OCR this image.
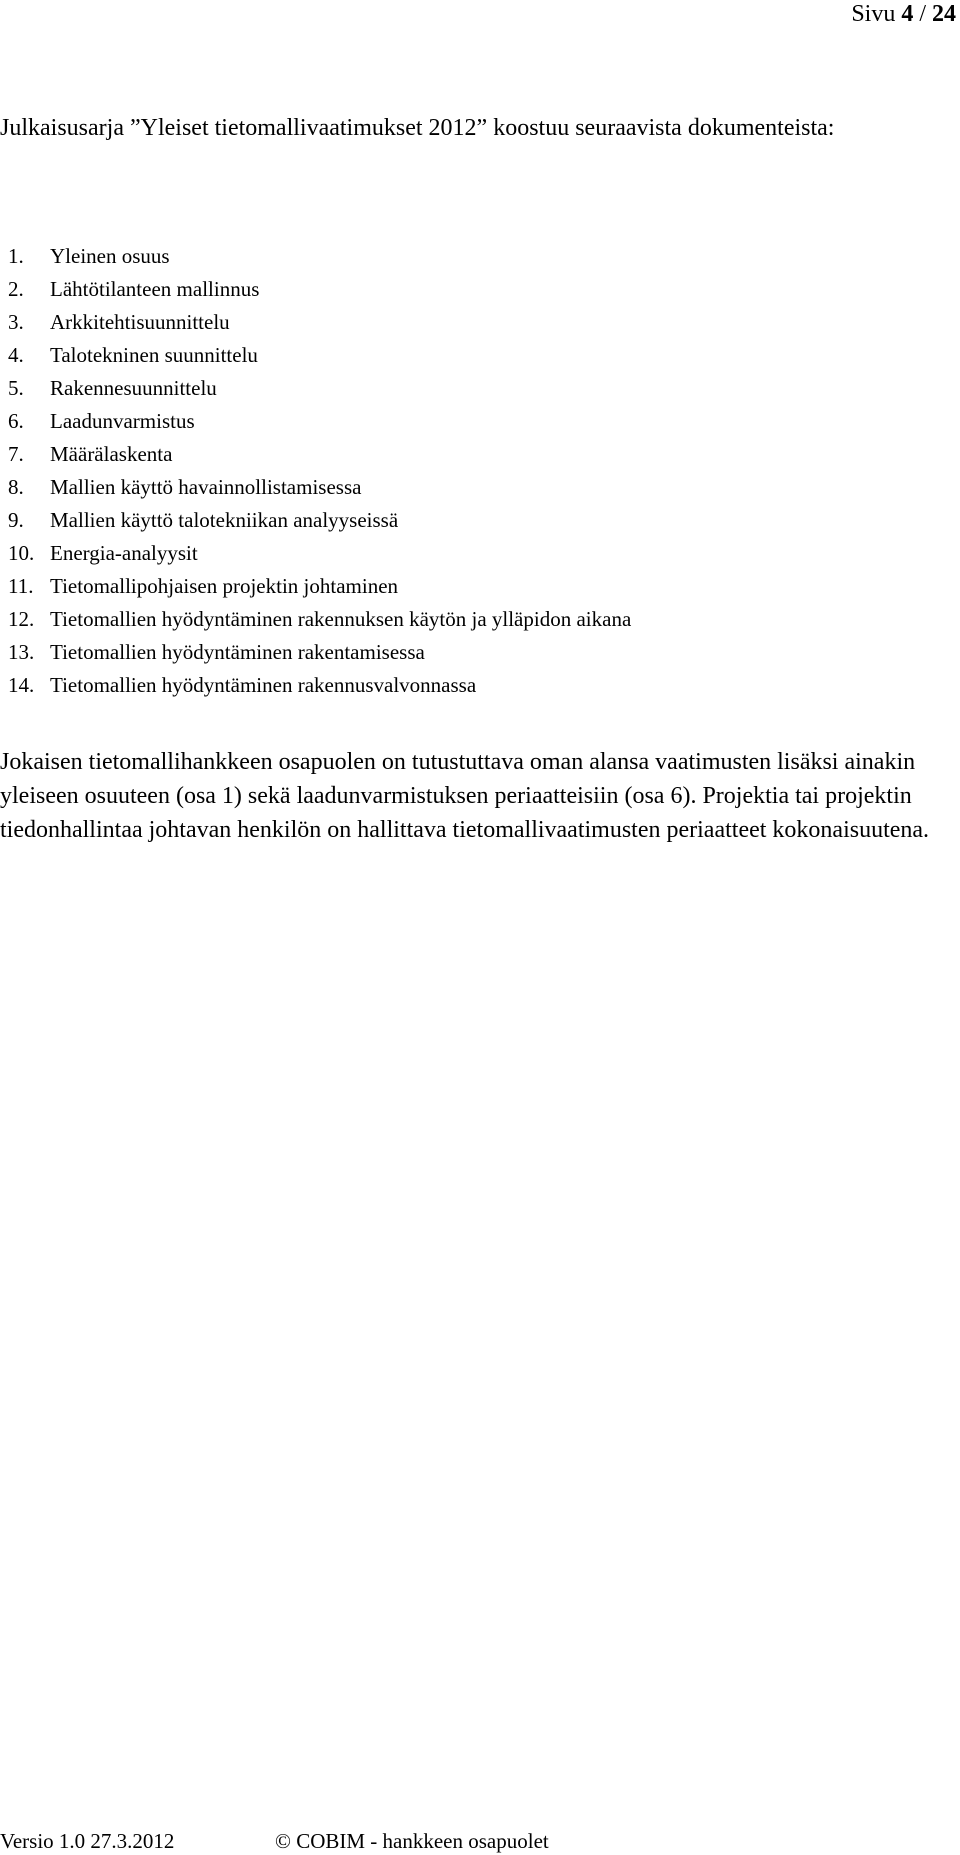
Sivu 4 / 24

Julkaisusarja ”Yleiset tietomallivaatimukset 2012” koostuu seuraavista dokumenteista:

1. Yleinen osuus
2. Lähtötilanteen mallinnus
3. Arkkitehtisuunnittelu
4. Talotekninen suunnittelu
5. Rakennesuunnittelu
6. Laadunvarmistus
7. Määrälaskenta
8. Mallien käyttö havainnollistamisessa
9. Mallien käyttö talotekniikan analyyseissä
10. Energia-analyysit
11. Tietomallipohjaisen projektin johtaminen
12. Tietomallien hyödyntäminen rakennuksen käytön ja ylläpidon aikana
13. Tietomallien hyödyntäminen rakentamisessa
14. Tietomallien hyödyntäminen rakennusvalvonnassa

Jokaisen tietomallihankkeen osapuolen on tutustuttava oman alansa vaatimusten lisäksi ainakin yleiseen osuuteen (osa 1) sekä laadunvarmistuksen periaatteisiin (osa 6). Projektia tai projektin tiedonhallintaa johtavan henkilön on hallittava tietomallivaatimusten periaatteet kokonaisuutena.

Versio 1.0 27.3.2012	© COBIM - hankkeen osapuolet
